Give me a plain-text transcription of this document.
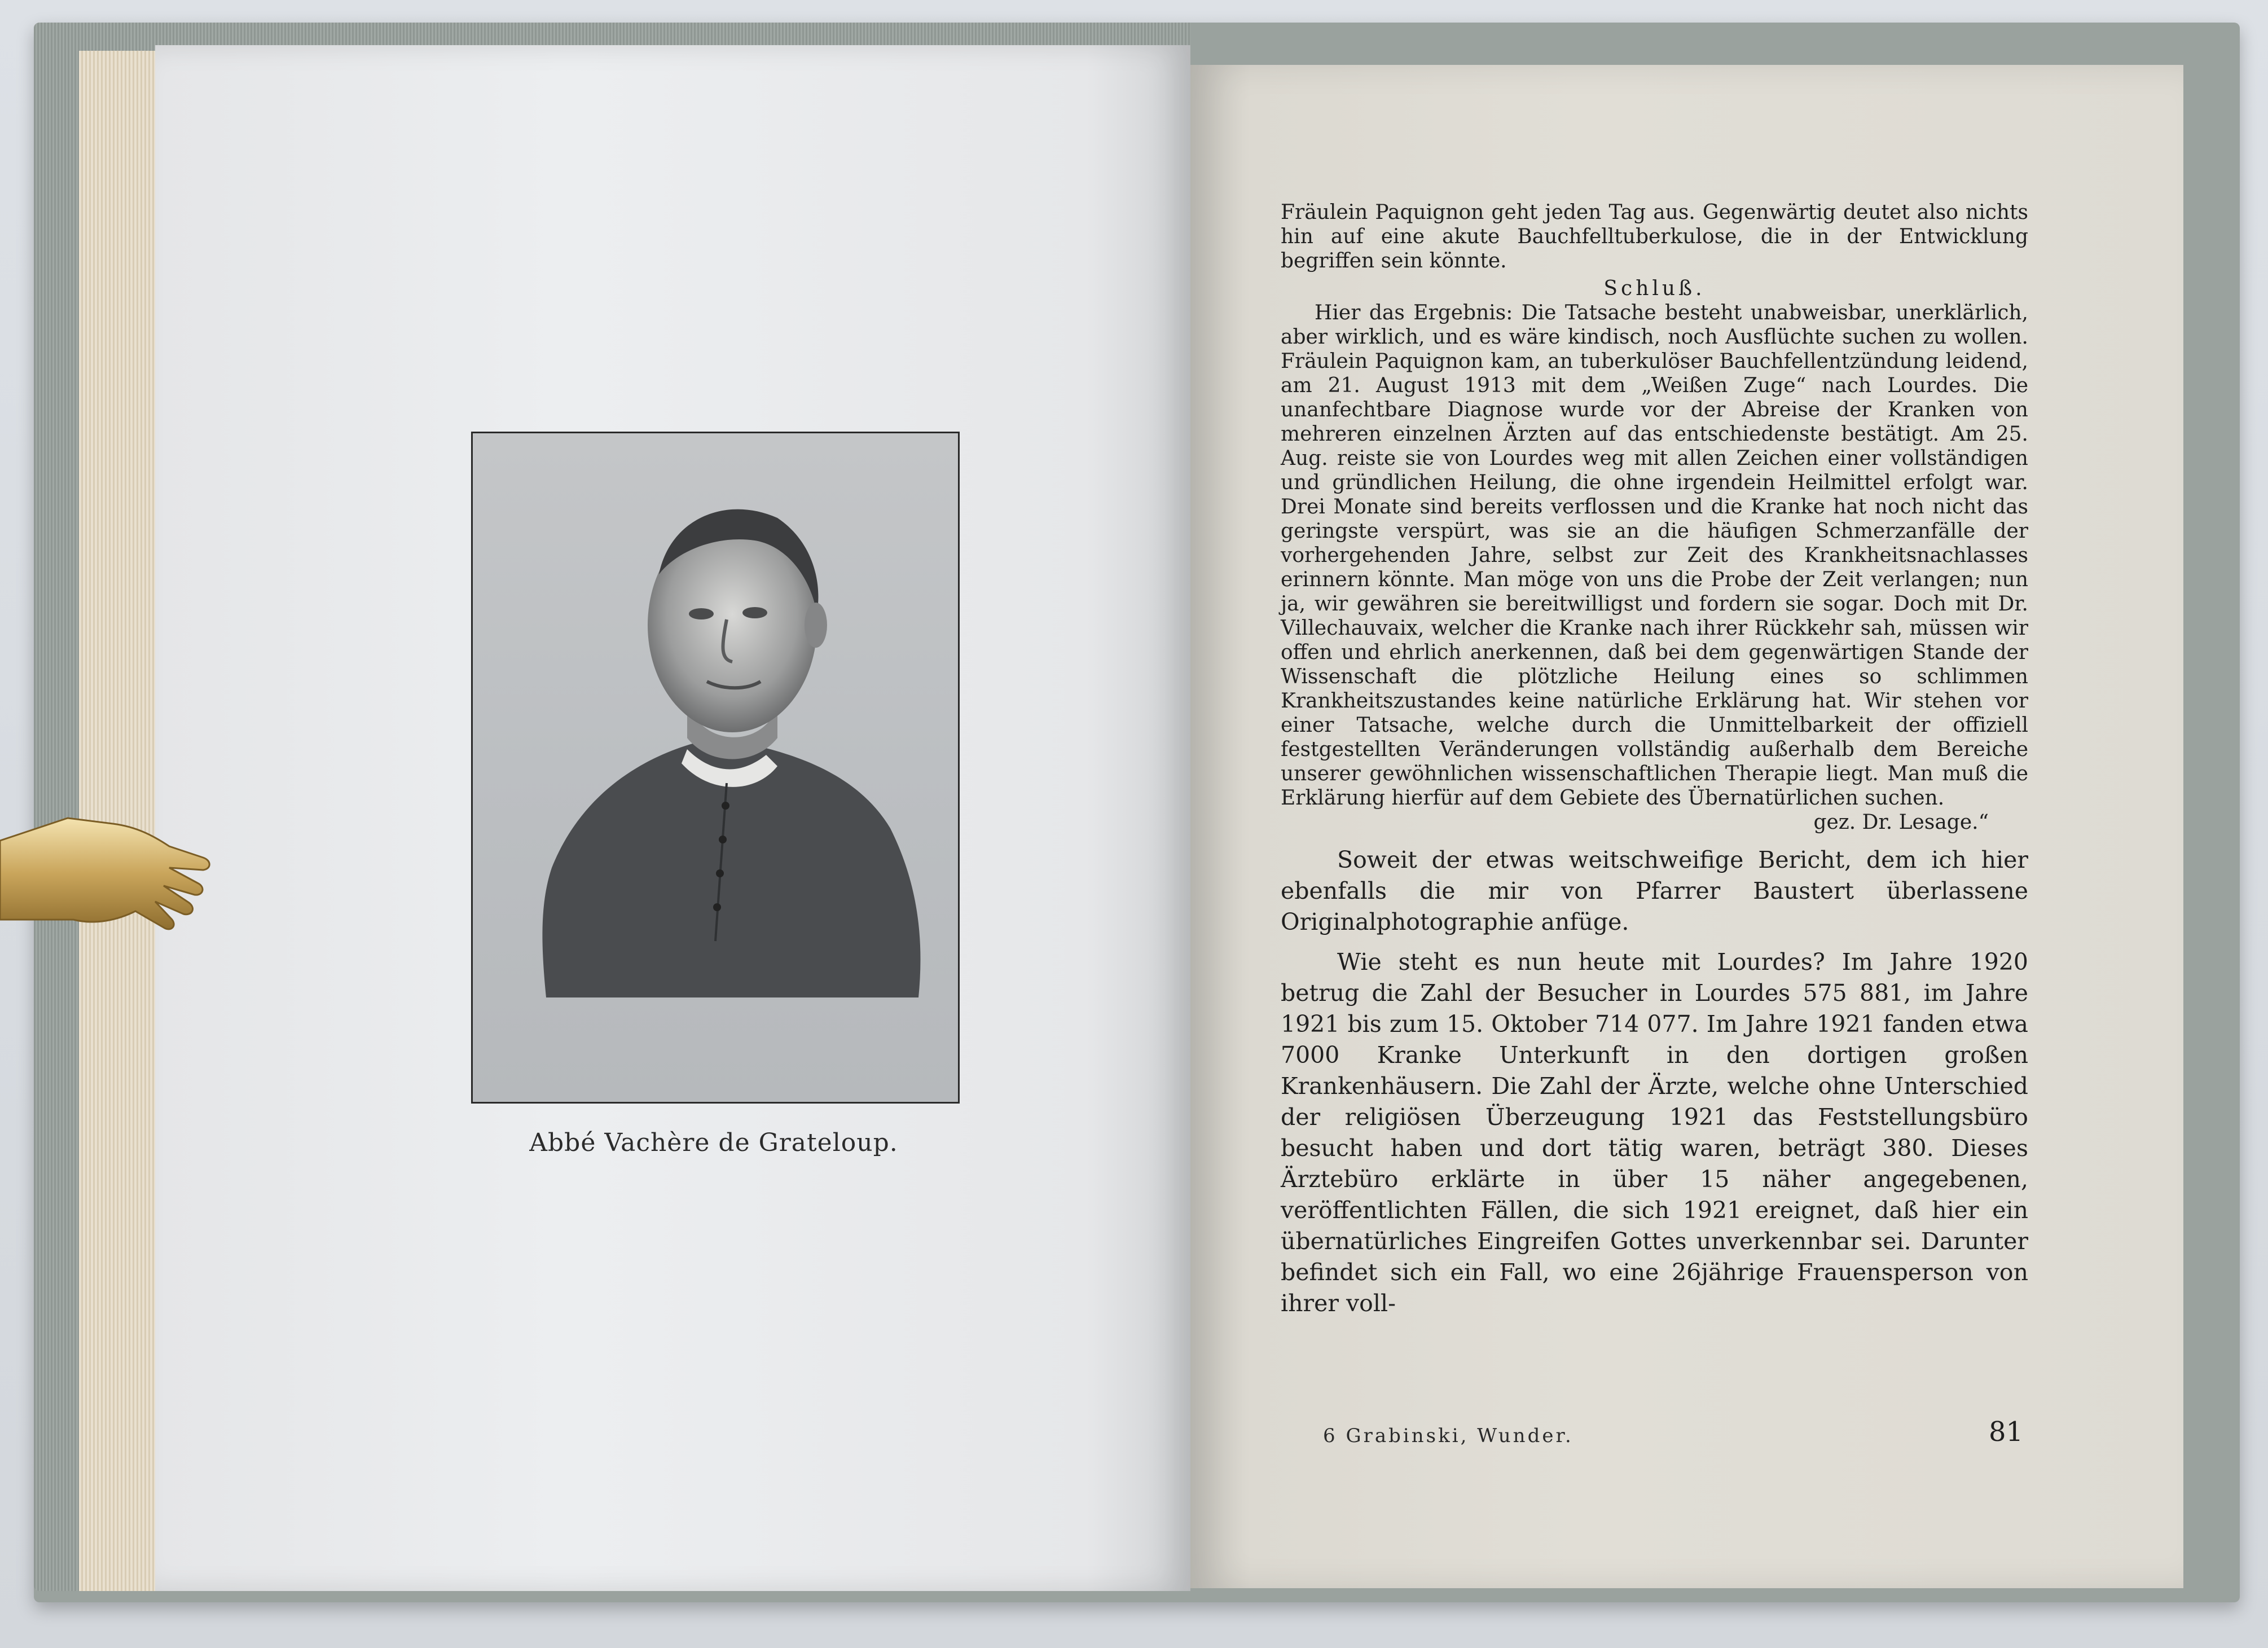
Abbé Vachère de Grateloup.

Fräulein Paquignon geht jeden Tag aus. Gegenwärtig deutet also nichts hin auf eine akute Bauchfelltuberkulose, die in der Entwicklung begriffen sein könnte.

Schluß.

Hier das Ergebnis: Die Tatsache besteht unabweisbar, unerklärlich, aber wirklich, und es wäre kindisch, noch Ausflüchte suchen zu wollen. Fräulein Paquignon kam, an tuberkulöser Bauchfellentzündung leidend, am 21. August 1913 mit dem „Weißen Zuge“ nach Lourdes. Die unanfechtbare Diagnose wurde vor der Abreise der Kranken von mehreren einzelnen Ärzten auf das entschiedenste bestätigt. Am 25. Aug. reiste sie von Lourdes weg mit allen Zeichen einer vollständigen und gründlichen Heilung, die ohne irgendein Heilmittel erfolgt war. Drei Monate sind bereits verflossen und die Kranke hat noch nicht das geringste verspürt, was sie an die häufigen Schmerzanfälle der vorhergehenden Jahre, selbst zur Zeit des Krankheitsnachlasses erinnern könnte. Man möge von uns die Probe der Zeit verlangen; nun ja, wir gewähren sie bereitwilligst und fordern sie sogar. Doch mit Dr. Villechauvaix, welcher die Kranke nach ihrer Rückkehr sah, müssen wir offen und ehrlich anerkennen, daß bei dem gegenwärtigen Stande der Wissenschaft die plötzliche Heilung eines so schlimmen Krankheitszustandes keine natürliche Erklärung hat. Wir stehen vor einer Tatsache, welche durch die Unmittelbarkeit der offiziell festgestellten Veränderungen vollständig außerhalb dem Bereiche unserer gewöhnlichen wissenschaftlichen Therapie liegt. Man muß die Erklärung hierfür auf dem Gebiete des Übernatürlichen suchen.

gez. Dr. Lesage.“

Soweit der etwas weitschweifige Bericht, dem ich hier ebenfalls die mir von Pfarrer Baustert überlassene Originalphotographie anfüge.

Wie steht es nun heute mit Lourdes? Im Jahre 1920 betrug die Zahl der Besucher in Lourdes 575 881, im Jahre 1921 bis zum 15. Oktober 714 077. Im Jahre 1921 fanden etwa 7000 Kranke Unterkunft in den dortigen großen Krankenhäusern. Die Zahl der Ärzte, welche ohne Unterschied der religiösen Überzeugung 1921 das Feststellungsbüro besucht haben und dort tätig waren, beträgt 380. Dieses Ärztebüro erklärte in über 15 näher angegebenen, veröffentlichten Fällen, die sich 1921 ereignet, daß hier ein übernatürliches Eingreifen Gottes unverkennbar sei. Darunter befindet sich ein Fall, wo eine 26jährige Frauensperson von ihrer voll-

6 Grabinski, Wunder.	81
